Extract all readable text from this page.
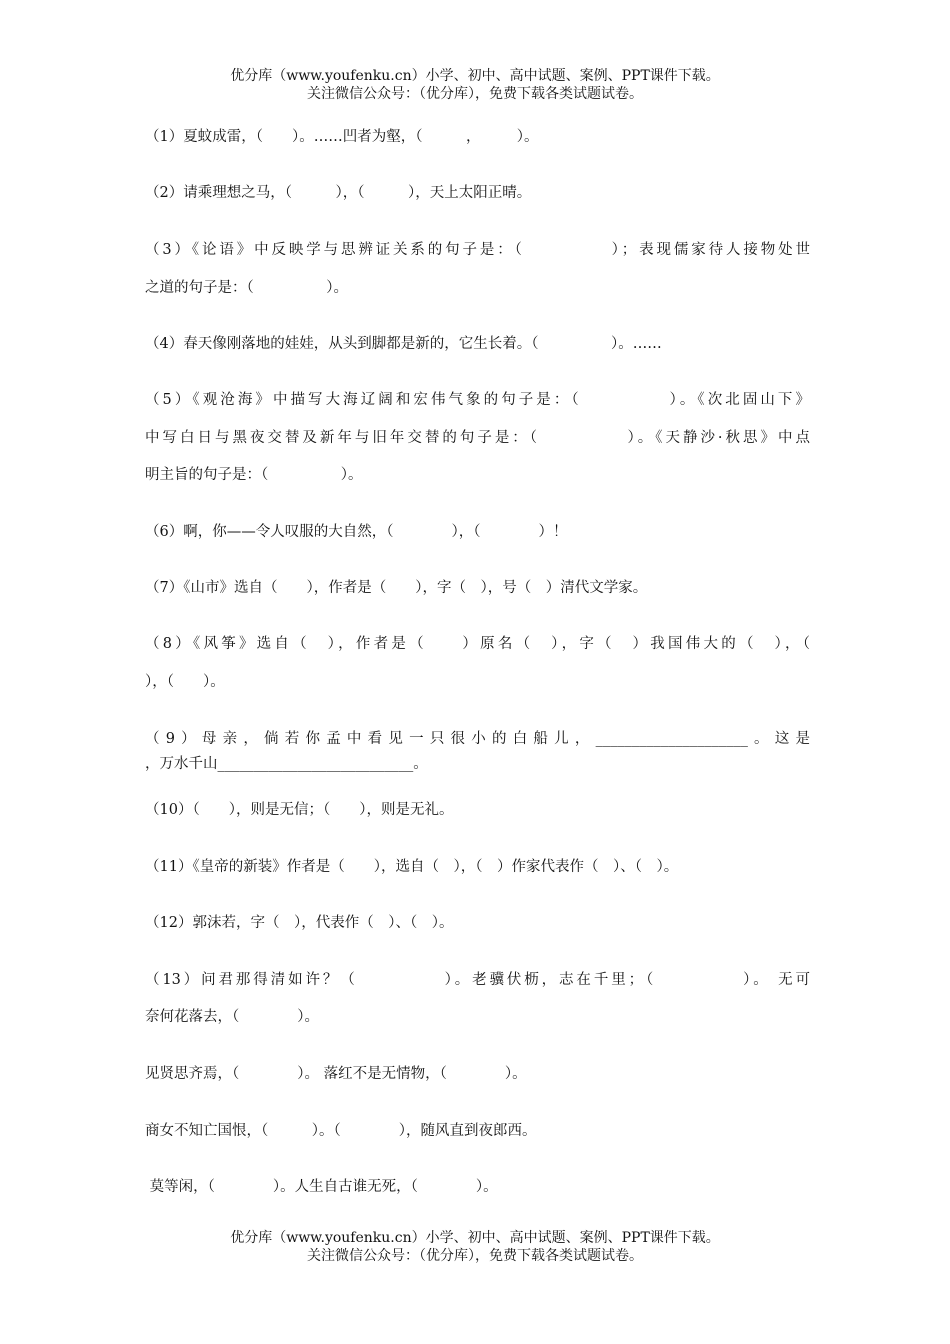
优分库（www.youfenku.cn）小学、初中、高中试题、案例、PPT课件下载。
关注微信公众号：（优分库），免费下载各类试题试卷。
（1）夏蚊成雷，（　　）。……凹者为壑，（　　　，　　　）。
（2）请乘理想之马，（　　　），（　　　），天上太阳正晴。
（3）《论语》中反映学与思辨证关系的句子是：（　　　　　）；表现儒家待人接物处世
之道的句子是：（　　　　　）。
（4）春天像刚落地的娃娃，从头到脚都是新的，它生长着。（　　　　　）。……
（5）《观沧海》中描写大海辽阔和宏伟气象的句子是：（　　　　　）。《次北固山下》
中写白日与黑夜交替及新年与旧年交替的句子是：（　　　　　）。《天静沙·秋思》中点
明主旨的句子是：（　　　　　）。
（6）啊，你——令人叹服的大自然，（　　　　），（　　　　）！
（7）《山市》选自（　　），作者是（　　），字（　），号（　）清代文学家。
（8）《风筝》选自（　），作者是（　　）原名（　），字（　）我国伟大的（　），（
），（　　）。
（9）母亲，倘若你孟中看见一只很小的白船儿，_____________________。这是
，万水千山___________________________。
（10）（　　），则是无信；（　　），则是无礼。
（11）《皇帝的新装》作者是（　　），选自（　），（　）作家代表作（　）、（　）。
（12）郭沫若，字（　），代表作（　）、（　）。
（13）问君那得清如许？（　　　　　）。老骥伏枥，志在千里；（　　　　　）。 无可
奈何花落去，（　　　　）。
见贤思齐焉，（　　　　）。 落红不是无情物，（　　　　）。
商女不知亡国恨，（　　　）。（　　　　），随风直到夜郎西。
莫等闲，（　　　　）。人生自古谁无死，（　　　　）。
优分库（www.youfenku.cn）小学、初中、高中试题、案例、PPT课件下载。
关注微信公众号：（优分库），免费下载各类试题试卷。
